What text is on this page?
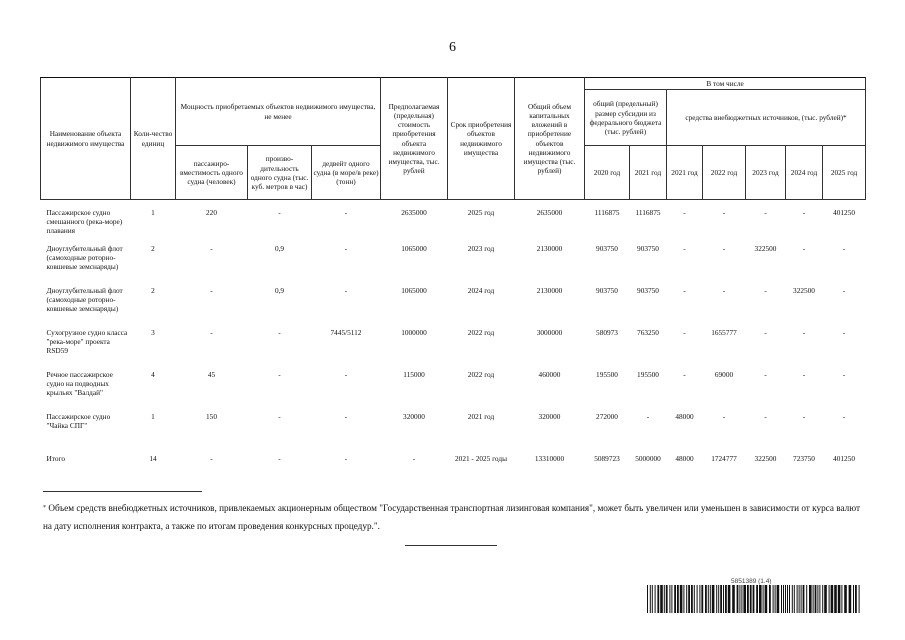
6
Наименование объекта недвижимого имущества	Коли-чество единиц	Мощность приобретаемых объектов недвижимого имущества, не менее			Предполагаемая (предельная) стоимость приобретения объекта недвижимого имущества, тыс. рублей	Срок приобретения объектов недвижимого имущества	Общий объем капитальных вложений в приобретение объектов недвижимого имущества (тыс. рублей)	В том числе						
								общий (предельный) размер субсидии из федерального бюджета (тыс. рублей)		средства внебюджетных источников, (тыс. рублей)*				
		пассажиро-вместимость одного судна (человек)	произво-дительность одного судна (тыс. куб. метров в час)	дедвейт одного судна (в море/в реке) (тонн)				2020 год	2021 год	2021 год	2022 год	2023 год	2024 год	2025 год
Пассажирское судно смешанного (река-море) плавания	1	220	-	-	2635000	2025 год	2635000	1116875	1116875	-	-	-	-	401250
Дноуглубительный флот (самоходные роторно-ковшевые земснаряды)	2	-	0,9	-	1065000	2023 год	2130000	903750	903750	-	-	322500	-	-
Дноуглубительный флот (самоходные роторно-ковшевые земснаряды)	2	-	0,9	-	1065000	2024 год	2130000	903750	903750	-	-	-	322500	-
Сухогрузное судно класса "река-море" проекта RSD59	3	-	-	7445/5112	1000000	2022 год	3000000	580973	763250	-	1655777	-	-	-
Речное пассажирское судно на подводных крыльях "Валдай"	4	45	-	-	115000	2022 год	460000	195500	195500	-	69000	-	-	-
Пассажирское судно "Чайка СПГ"	1	150	-	-	320000	2021 год	320000	272000	-	48000	-	-	-	-
Итого	14	-	-	-	-	2021 - 2025 годы	13310000	5089723	5000000	48000	1724777	322500	723750	401250
* Объем средств внебюджетных источников, привлекаемых акционерным обществом "Государственная транспортная лизинговая компания", может быть увеличен или уменьшен в зависимости от курса валют на дату исполнения контракта, а также по итогам проведения конкурсных процедур.".
5851389 (1.4)
